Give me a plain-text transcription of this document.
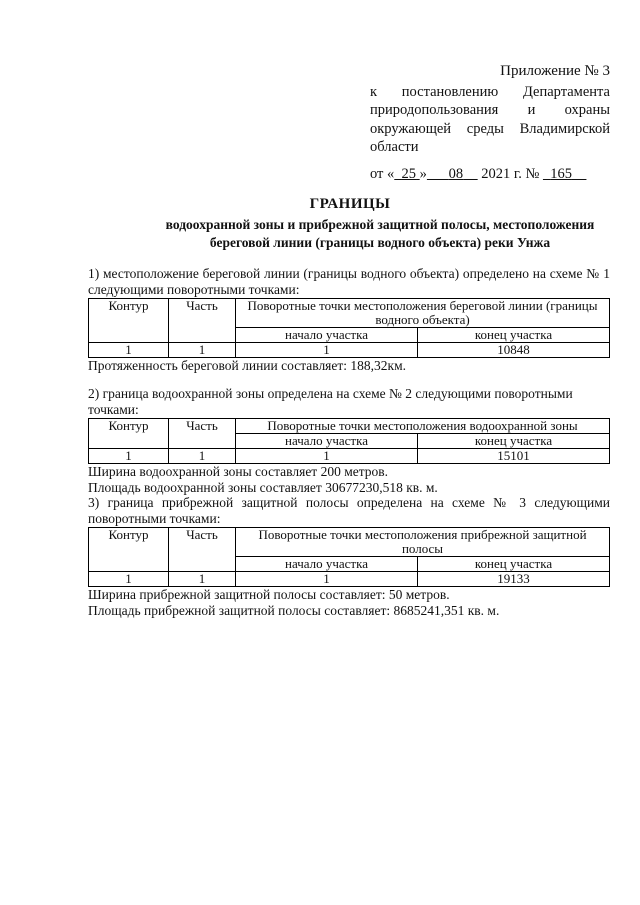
Приложение № 3
к постановлению Департамента
природопользования и охраны
окружающей среды Владимирской
области
от « 25 » 08 2021 г. № 165
ГРАНИЦЫ
водоохранной зоны и прибрежной защитной полосы, местоположения
береговой линии (границы водного объекта) реки Унжа

1) местоположение береговой линии (границы водного объекта) определено на схеме № 1 следующими поворотными точками:

Контур	Часть	Поворотные точки местоположения береговой линии (границы водного объекта)	
		начало участка	конец участка
1	1	1	10848

Протяженность береговой линии составляет: 188,32км.

2) граница водоохранной зоны определена на схеме № 2 следующими поворотными точками:

Контур	Часть	Поворотные точки местоположения водоохранной зоны	
		начало участка	конец участка
1	1	1	15101

Ширина водоохранной зоны составляет 200 метров.

Площадь водоохранной зоны составляет 30677230,518 кв. м.

3) граница прибрежной защитной полосы определена на схеме № 3 следующими поворотными точками:

Контур	Часть	Поворотные точки местоположения прибрежной защитной полосы	
		начало участка	конец участка
1	1	1	19133

Ширина прибрежной защитной полосы составляет: 50 метров.

Площадь прибрежной защитной полосы составляет: 8685241,351 кв. м.
